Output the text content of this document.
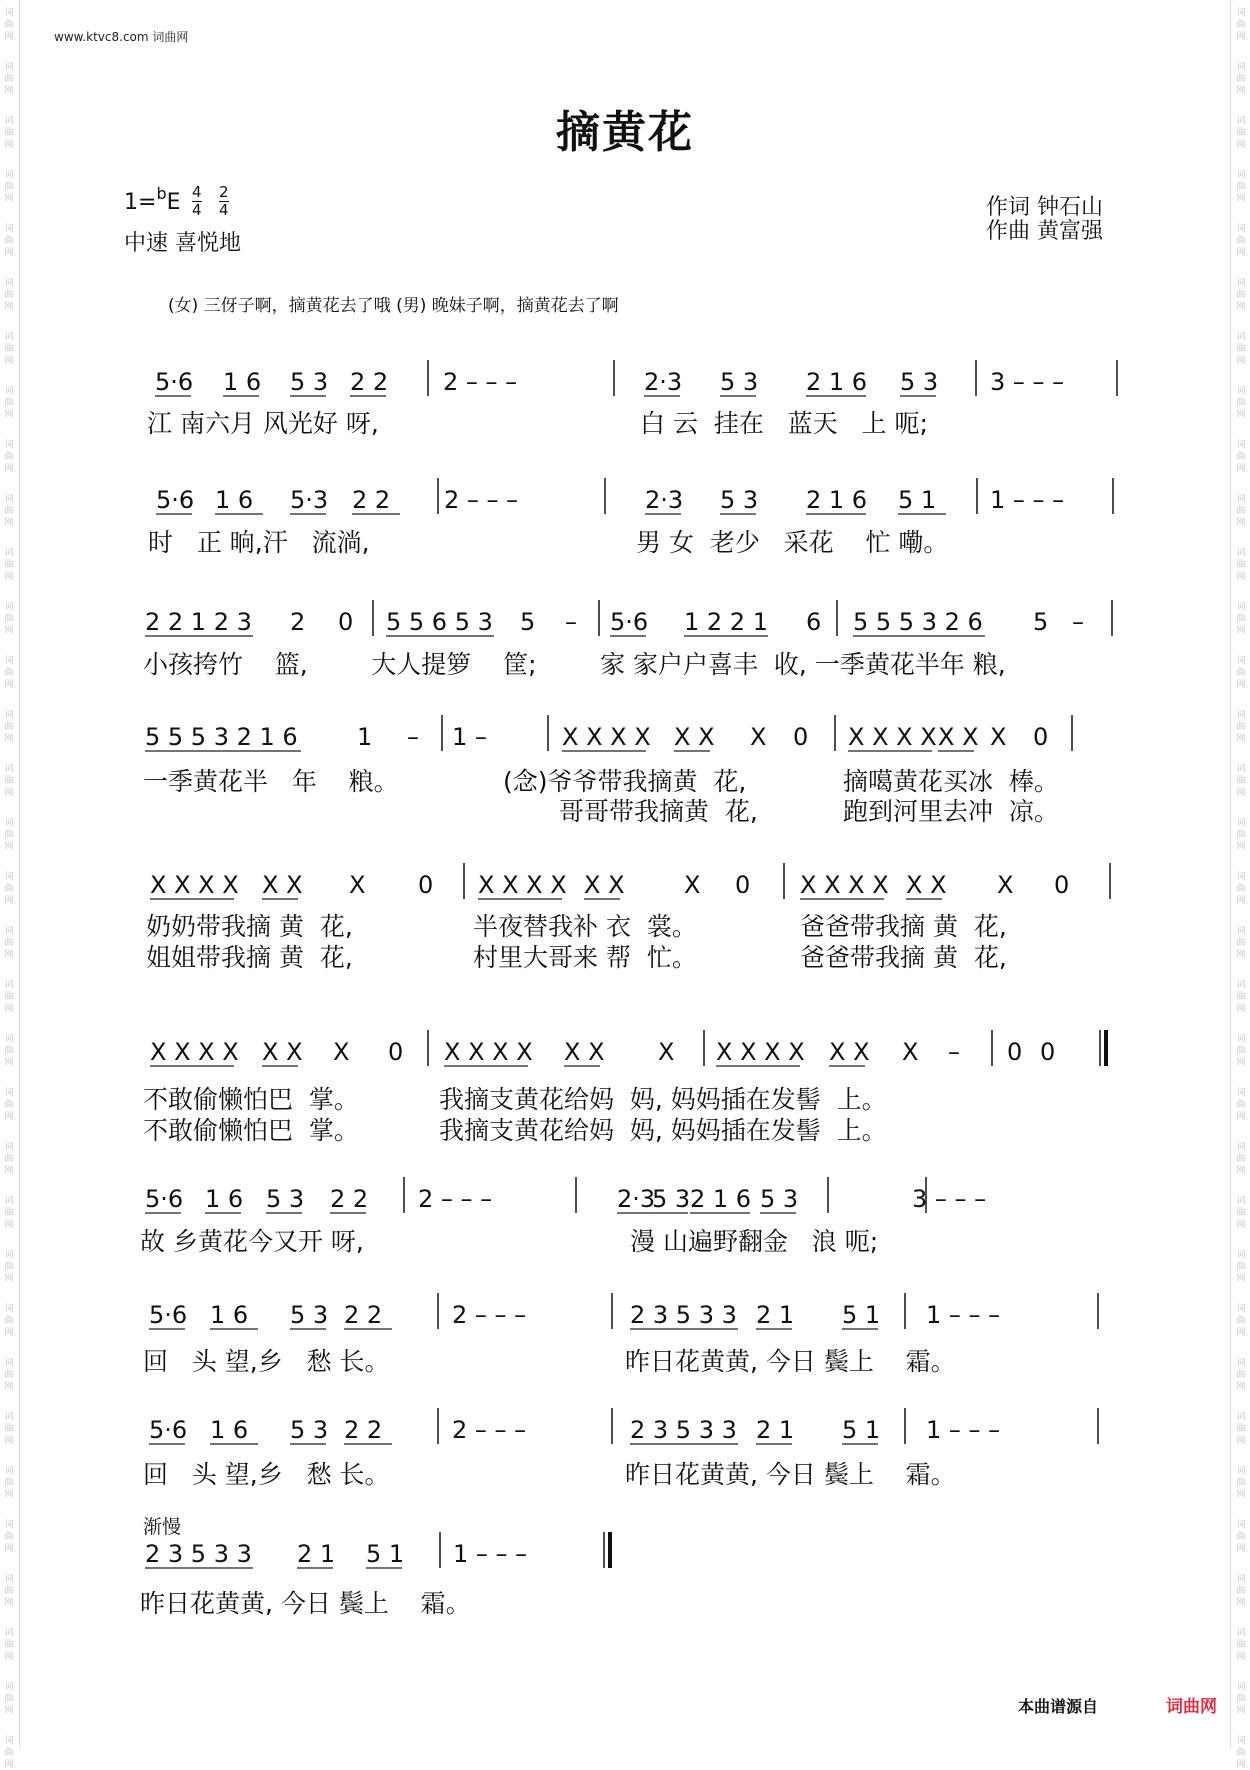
词
曲
网
词
曲
网
词
曲
网
词
曲
网
词
曲
网
词
曲
网
词
曲
网
词
曲
网
词
曲
网
词
曲
网
词
曲
网
词
曲
网
词
曲
网
词
曲
网
词
曲
网
词
曲
网
词
曲
网
词
曲
网
词
曲
网
词
曲
网
词
曲
网
词
曲
网
词
曲
网
词
曲
网
词
曲
网
词
曲
网
词
曲
网
词
曲
网
词
曲
网
词
曲
网
词
曲
网
词
曲
网
词
曲
网
词
曲
网
词
曲
网
词
曲
网
词
曲
网
词
曲
网
词
曲
网
词
曲
网
词
曲
网
词
曲
网
词
曲
网
词
曲
网
词
曲
网
词
曲
网
词
曲
网
词
曲
网
词
曲
网
词
曲
网
词
曲
网
词
曲
网
词
曲
网
词
曲
网
词
曲
网
词
曲
网
词
曲
网
词
曲
网
词
曲
网
词
曲
网
词
曲
网
词
曲
网
词
曲
网
词
曲
网
词
曲
网
词
曲
网
www.ktvc8.com 词曲网
摘黄花
$1=^bE \frac{4}{4} \frac{2}{4}$
中速 喜悦地
作词 钟石山
作曲 黄富强
(女) 三伢子啊，摘黄花去了哦 (男) 晚妹子啊，摘黄花去了啊
5·6 1 6 5 3 2 2 2 – – –	2·3 5 3 2 1 6 5 3 3 – – –
5·6 1 6 5·3 2 2 2 – – –	2·3 5 3 2 1 6 5 1 1 – – –
2 2 1 2 3 2 0 5 5 6 5 3 5 – 5·6 1 2 2 1 6 5 5 5 3 2 6 5 –
5 5 5 3 2 1 6 1 – 1 –	X X X X X X X 0 X X X X X X X 0
X X X X X X X 0 X X X X X X X 0 X X X X X X X 0
X X X X X X X 0 X X X X X X X X X X X X X X – 0 0
5·6 1 6 5 3 2 2 2 – – –	2·3
5 3 2 1 6 5 3	3 – – –
5·6 1 6 5 3 2 2	2 – – –	2 3 5 3 3 2 1 5 1 1 – – –
5·6 1 6 5 3 2 2	2 – – –	2 3 5 3 3 2 1 5 1 1 – – –
2 3 5 3 3 2 1 5 1 1 – – –
江 南六月 风光好 呀,	白 云  挂在   蓝天   上 呃;
时   正 晌,汗   流淌,	男 女  老少   采花    忙 嘞。
小孩挎竹    篮,        大人提箩    筐;        家 家户户喜丰  收, 一季黄花半年 粮,
一季黄花半   年    粮。	(念)爷爷带我摘黄  花,	摘噶黄花买冰  棒。
哥哥带我摘黄  花,	跑到河里去冲  凉。
奶奶带我摘 黄  花,	半夜替我补 衣  裳。	爸爸带我摘 黄  花,
姐姐带我摘 黄  花,	村里大哥来 帮  忙。	爸爸带我摘 黄  花,
不敢偷懒怕巴  掌。	我摘支黄花给妈  妈, 妈妈插在发髻  上。
不敢偷懒怕巴  掌。	我摘支黄花给妈  妈, 妈妈插在发髻  上。
故 乡黄花今又开 呀,	漫 山遍野翻金   浪 呃;
回   头 望,乡   愁 长。	昨日花黄黄, 今日 鬓上    霜。
回   头 望,乡   愁 长。	昨日花黄黄, 今日 鬓上    霜。
渐慢
昨日花黄黄, 今日 鬓上    霜。
本曲谱源自	词曲网
